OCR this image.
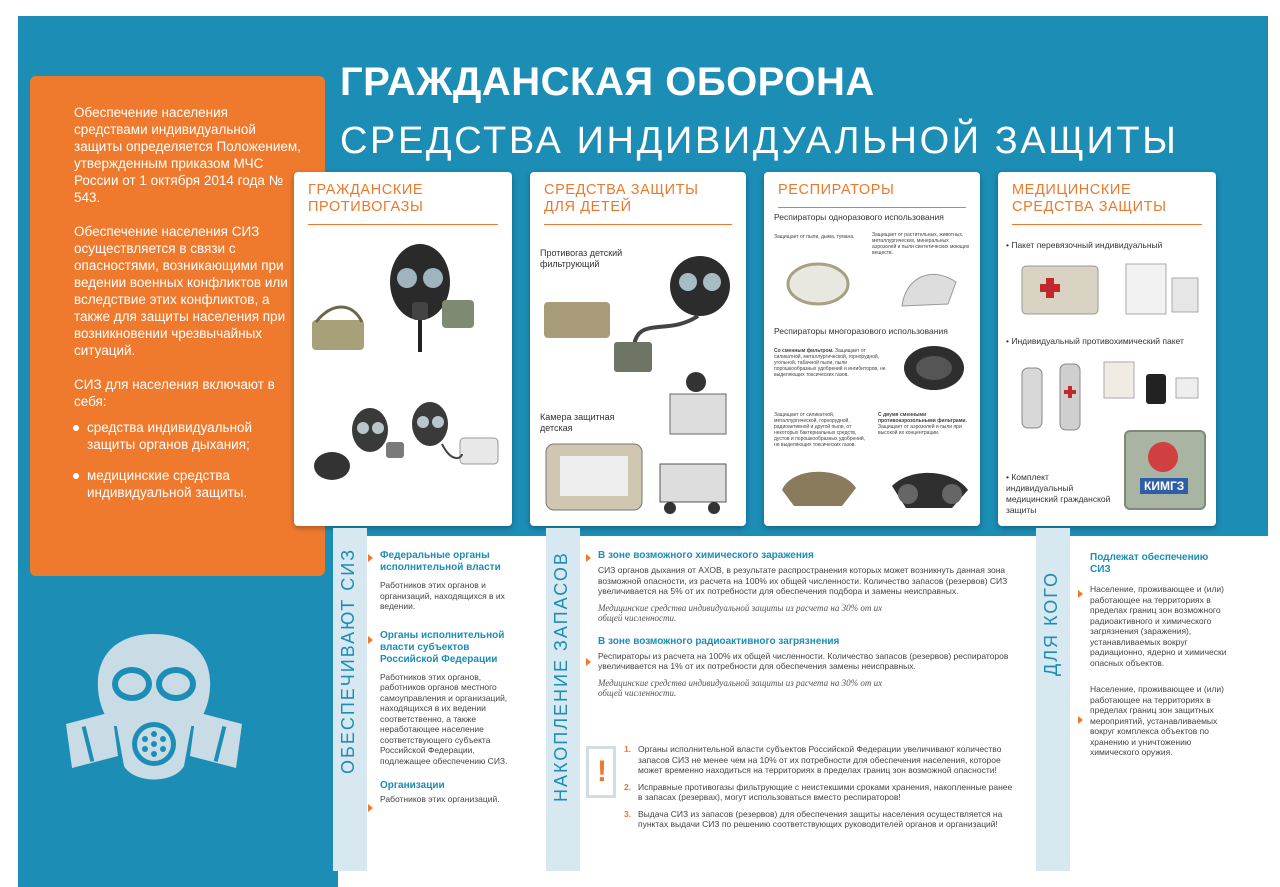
Обеспечение населения средствами индивидуальной защиты определяется Положением, утвержденным приказом МЧС России от 1 октября 2014 года № 543.

Обеспечение населения СИЗ осуществляется в связи с опасностями, возникающими при ведении военных конфликтов или вследствие этих конфликтов, а также для защиты населения при возникновении чрезвычайных ситуаций.

СИЗ для населения включают в себя:

средства индивидуальной защиты органов дыхания;
медицинские средства индивидуальной защиты.
ГРАЖДАНСКАЯ ОБОРОНА
СРЕДСТВА ИНДИВИДУАЛЬНОЙ ЗАЩИТЫ
ГРАЖДАНСКИЕ ПРОТИВОГАЗЫ
СРЕДСТВА ЗАЩИТЫ ДЛЯ ДЕТЕЙ
Противогаз детский фильтрующий
Камера защитная детская
РЕСПИРАТОРЫ
Респираторы одноразового использования
Защищает от пыли, дыма, тумана.	Защищает от растительных, животных, металлургических, минеральных аэрозолей и пыли синтетических моющих веществ.
Респираторы многоразового использования
Со сменным фильтром. Защищает от силикатной, металлургической, горнорудной, угольной, табачной пыли, пыли порошкообразных удобрений и ингибиторов, не выделяющих токсических газов.
Защищает от силикатной, металлургической, горнорудной, радиоактивной и другой пыли, от некоторых бактериальных средств, дустов и порошкообразных удобрений, не выделяющих токсических газов.
С двумя сменными противоаэрозольными фильтрами. Защищает от аэрозолей и пыли при высокой их концентрации.
МЕДИЦИНСКИЕ СРЕДСТВА ЗАЩИТЫ
• Пакет перевязочный индивидуальный
• Индивидуальный противохимический пакет
• Комплект индивидуальный медицинский гражданской защиты
КИМГЗ
ОБЕСПЕЧИВАЮТ СИЗ	НАКОПЛЕНИЕ ЗАПАСОВ	ДЛЯ КОГО
Федеральные органы исполнительной власти
Работников этих органов и организаций, находящихся в их ведении.
Органы исполнительной власти субъектов Российской Федерации
Работников этих органов, работников органов местного самоуправления и организаций, находящихся в их ведении соответственно, а также неработающее население соответствующего субъекта Российской Федерации, подлежащее обеспечению СИЗ.
Организации
Работников этих организаций.
В зоне возможного химического заражения
СИЗ органов дыхания от АХОВ, в результате распространения которых может возникнуть данная зона возможной опасности, из расчета на 100% их общей численности. Количество запасов (резервов) СИЗ увеличивается на 5% от их потребности для обеспечения подбора и замены неисправных.
Медицинские средства индивидуальной защиты из расчета на 30% от их общей численности.
В зоне возможного радиоактивного загрязнения
Респираторы из расчета на 100% их общей численности. Количество запасов (резервов) респираторов увеличивается на 1% от их потребности для обеспечения замены неисправных.
Медицинские средства индивидуальной защиты из расчета на 30% от их общей численности.
!
1. Органы исполнительной власти субъектов Российской Федерации увеличивают количество запасов СИЗ не менее чем на 10% от их потребности для обеспечения населения, которое может временно находиться на территориях в пределах границ зон возможной опасности!
2. Исправные противогазы фильтрующие с неистекшими сроками хранения, накопленные ранее в запасах (резервах), могут использоваться вместо респираторов!
3. Выдача СИЗ из запасов (резервов) для обеспечения защиты населения осуществляется на пунктах выдачи СИЗ по решению соответствующих руководителей органов и организаций!
Подлежат обеспечению СИЗ
Население, проживающее и (или) работающее на территориях в пределах границ зон возможного радиоактивного и химического загрязнения (заражения), устанавливаемых вокруг радиационно, ядерно и химически опасных объектов.
Население, проживающее и (или) работающее на территориях в пределах границ зон защитных мероприятий, устанавливаемых вокруг комплекса объектов по хранению и уничтожению химического оружия.
